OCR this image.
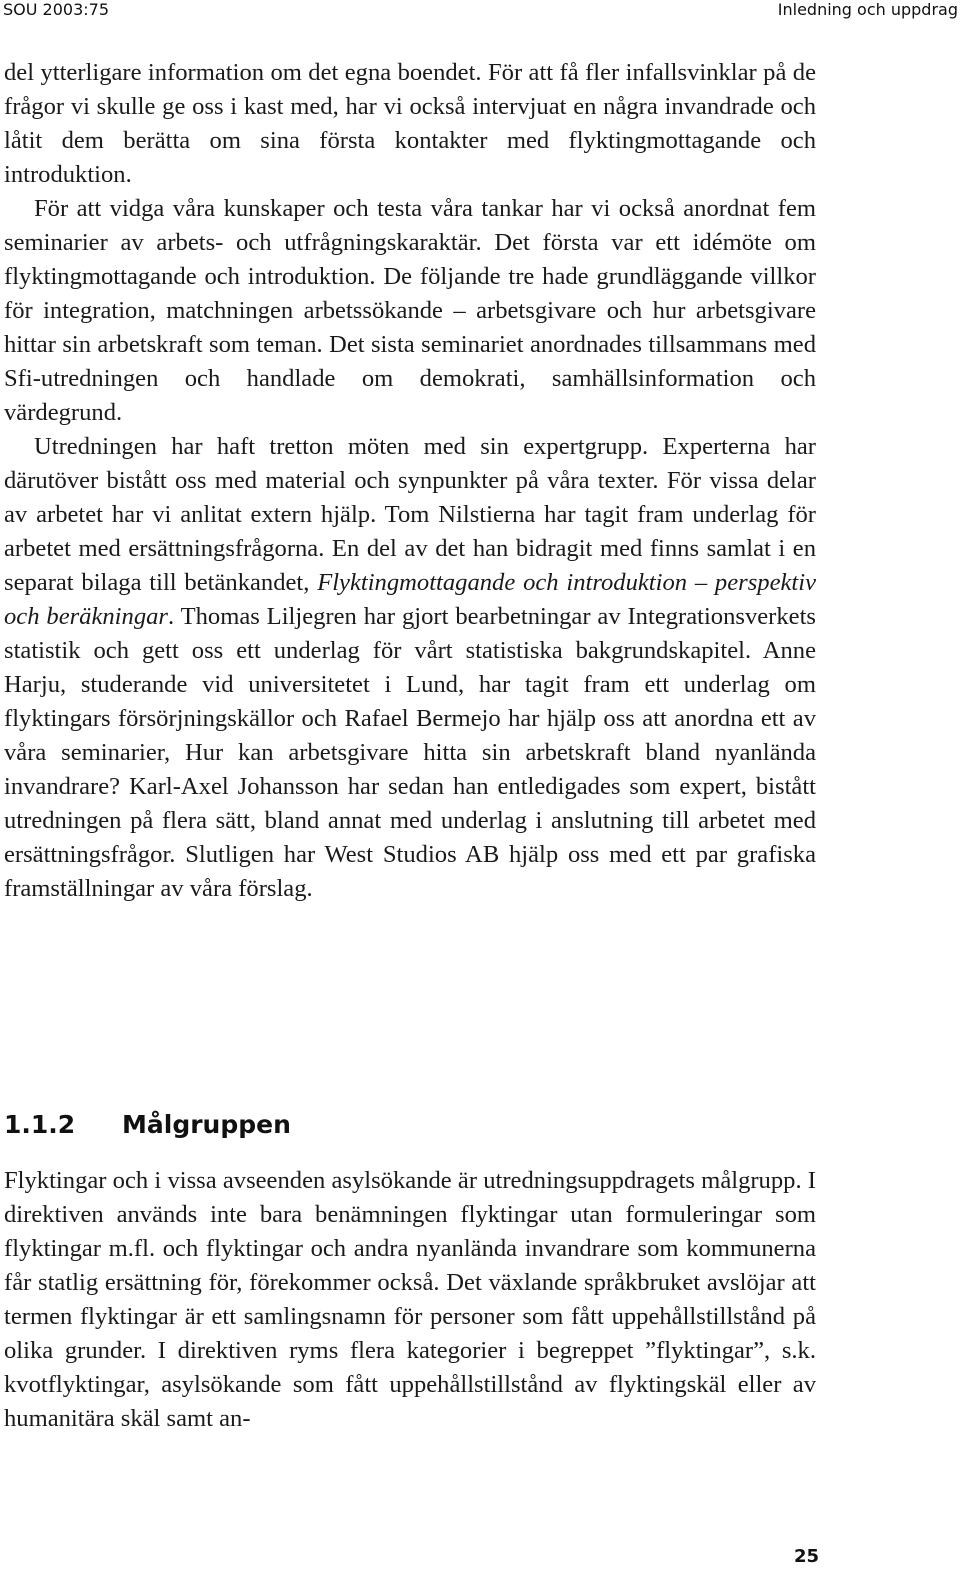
SOU 2003:75	Inledning och uppdrag

del ytterligare information om det egna boendet. För att få fler infallsvinklar på de frågor vi skulle ge oss i kast med, har vi också intervjuat en några invandrade och låtit dem berätta om sina första kontakter med flyktingmottagande och introduktion.

För att vidga våra kunskaper och testa våra tankar har vi också anordnat fem seminarier av arbets- och utfrågningskaraktär. Det första var ett idémöte om flyktingmottagande och introduktion. De följande tre hade grundläggande villkor för integration, matchningen arbetssökande – arbetsgivare och hur arbetsgivare hittar sin arbetskraft som teman. Det sista seminariet anordnades tillsammans med Sfi-utredningen och handlade om demokrati, samhällsinformation och värdegrund.

Utredningen har haft tretton möten med sin expertgrupp. Experterna har därutöver bistått oss med material och synpunkter på våra texter. För vissa delar av arbetet har vi anlitat extern hjälp. Tom Nilstierna har tagit fram underlag för arbetet med ersättningsfrågorna. En del av det han bidragit med finns samlat i en separat bilaga till betänkandet, Flyktingmottagande och introduktion – perspektiv och beräkningar. Thomas Liljegren har gjort bearbetningar av Integrationsverkets statistik och gett oss ett underlag för vårt statistiska bakgrundskapitel. Anne Harju, studerande vid universitetet i Lund, har tagit fram ett underlag om flyktingars försörjningskällor och Rafael Bermejo har hjälp oss att anordna ett av våra seminarier, Hur kan arbetsgivare hitta sin arbetskraft bland nyanlända invandrare? Karl-Axel Johansson har sedan han entledigades som expert, bistått utredningen på flera sätt, bland annat med underlag i anslutning till arbetet med ersättningsfrågor. Slutligen har West Studios AB hjälp oss med ett par grafiska framställningar av våra förslag.

1.1.2 Målgruppen

Flyktingar och i vissa avseenden asylsökande är utredningsuppdragets målgrupp. I direktiven används inte bara benämningen flyktingar utan formuleringar som flyktingar m.fl. och flyktingar och andra nyanlända invandrare som kommunerna får statlig ersättning för, förekommer också. Det växlande språkbruket avslöjar att termen flyktingar är ett samlingsnamn för personer som fått uppehållstillstånd på olika grunder. I direktiven ryms flera kategorier i begreppet ”flyktingar”, s.k. kvotflyktingar, asylsökande som fått uppehållstillstånd av flyktingskäl eller av humanitära skäl samt an-

25
